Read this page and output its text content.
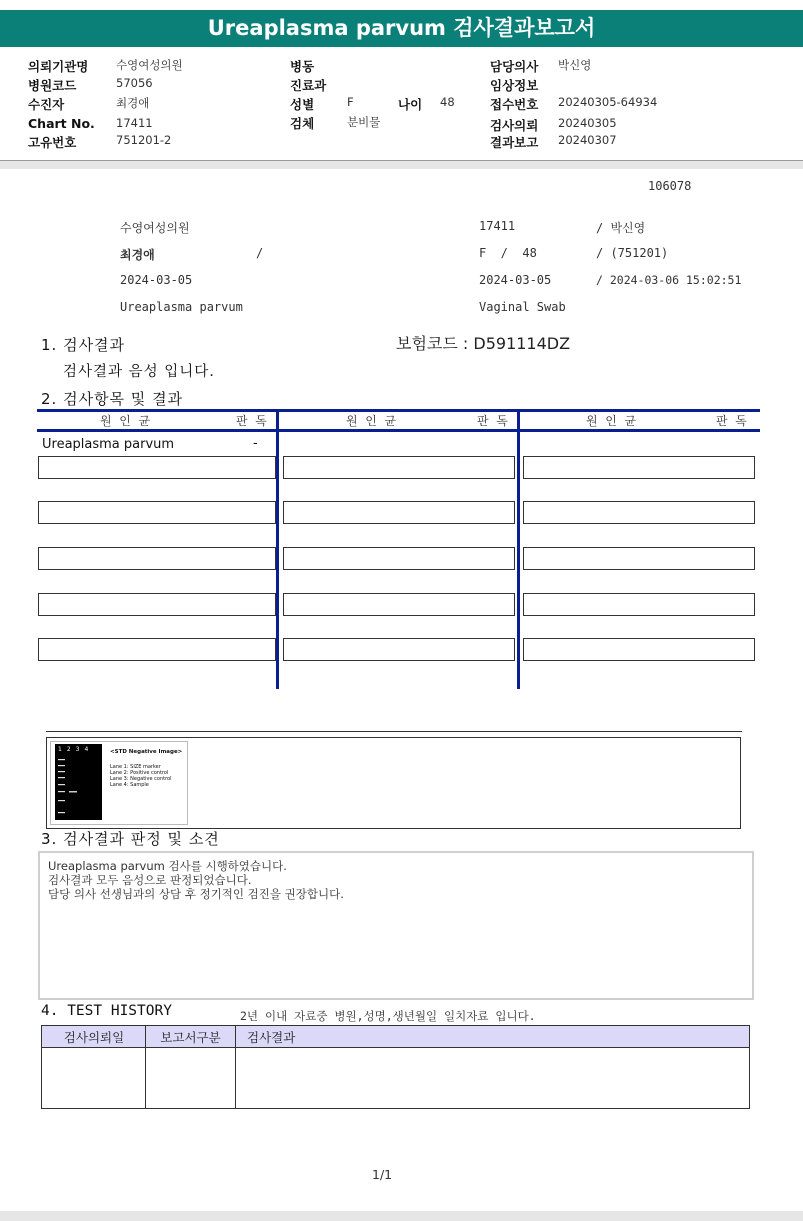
Ureaplasma parvum 검사결과보고서
의뢰기관명 수영여성의원
병원코드	57056
수진자	최경애
Chart No. 17411
고유번호	751201-2
병동
진료과
성별	F	나이 48
검체	분비물
담당의사 박신영
임상정보
접수번호 20240305-64934
검사의뢰 20240305
결과보고 20240307
106078
수영여성의원	17411	/ 박신영
최경애	/	F  /  48	/ (751201)
2024-03-05	2024-03-05	/ 2024-03-06 15:02:51
Ureaplasma parvum	Vaginal Swab
1. 검사결과	보험코드 : D591114DZ
검사결과 음성 입니다.
2. 검사항목 및 결과
원  인  균	판  독	원  인  균	판  독	원  인  균	판  독
Ureaplasma parvum	-
1234	<STD Negative Image>
Lane 1: SIZE marker
Lane 2: Positive control
Lane 3: Negative control
Lane 4: Sample
3. 검사결과 판정 및 소견
Ureaplasma parvum 검사를 시행하였습니다.
검사결과 모두 음성으로 판정되었습니다.
담당 의사 선생님과의 상담 후 정기적인 검진을 권장합니다.
4. TEST HISTORY	2년 이내 자료중 병원,성명,생년월일 일치자료 입니다.
검사의뢰일	보고서구분	검사결과
1/1
